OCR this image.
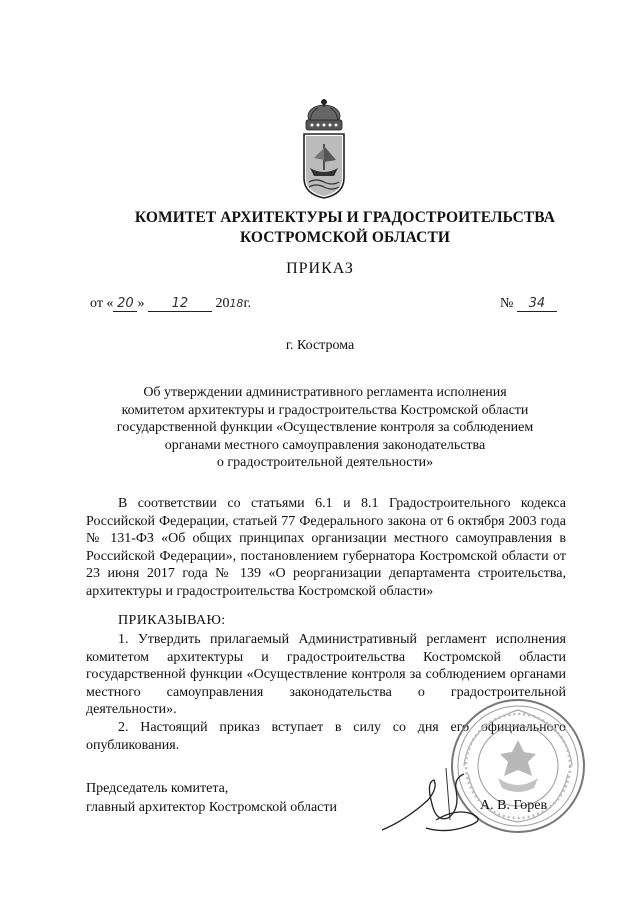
КОМИТЕТ АРХИТЕКТУРЫ И ГРАДОСТРОИТЕЛЬСТВА
КОСТРОМСКОЙ ОБЛАСТИ
ПРИКАЗ
от « 20 » 12 2018г.	№ 34
г. Кострома
Об утверждении административного регламента исполнения
комитетом архитектуры и градостроительства Костромской области
государственной функции «Осуществление контроля за соблюдением
органами местного самоуправления законодательства
о градостроительной деятельности»
В соответствии со статьями 6.1 и 8.1 Градостроительного кодекса Российской Федерации, статьей 77 Федерального закона от 6 октября 2003 года № 131-ФЗ «Об общих принципах организации местного самоуправления в Российской Федерации», постановлением губернатора Костромской области от 23 июня 2017 года № 139 «О реорганизации департамента строительства, архитектуры и градостроительства Костромской области»
ПРИКАЗЫВАЮ:
1. Утвердить прилагаемый Административный регламент исполнения комитетом архитектуры и градостроительства Костромской области государственной функции «Осуществление контроля за соблюдением органами местного самоуправления законодательства о градостроительной деятельности».
2. Настоящий приказ вступает в силу со дня его официального опубликования.
Председатель комитета,
главный архитектор Костромской области	А. В. Горев
